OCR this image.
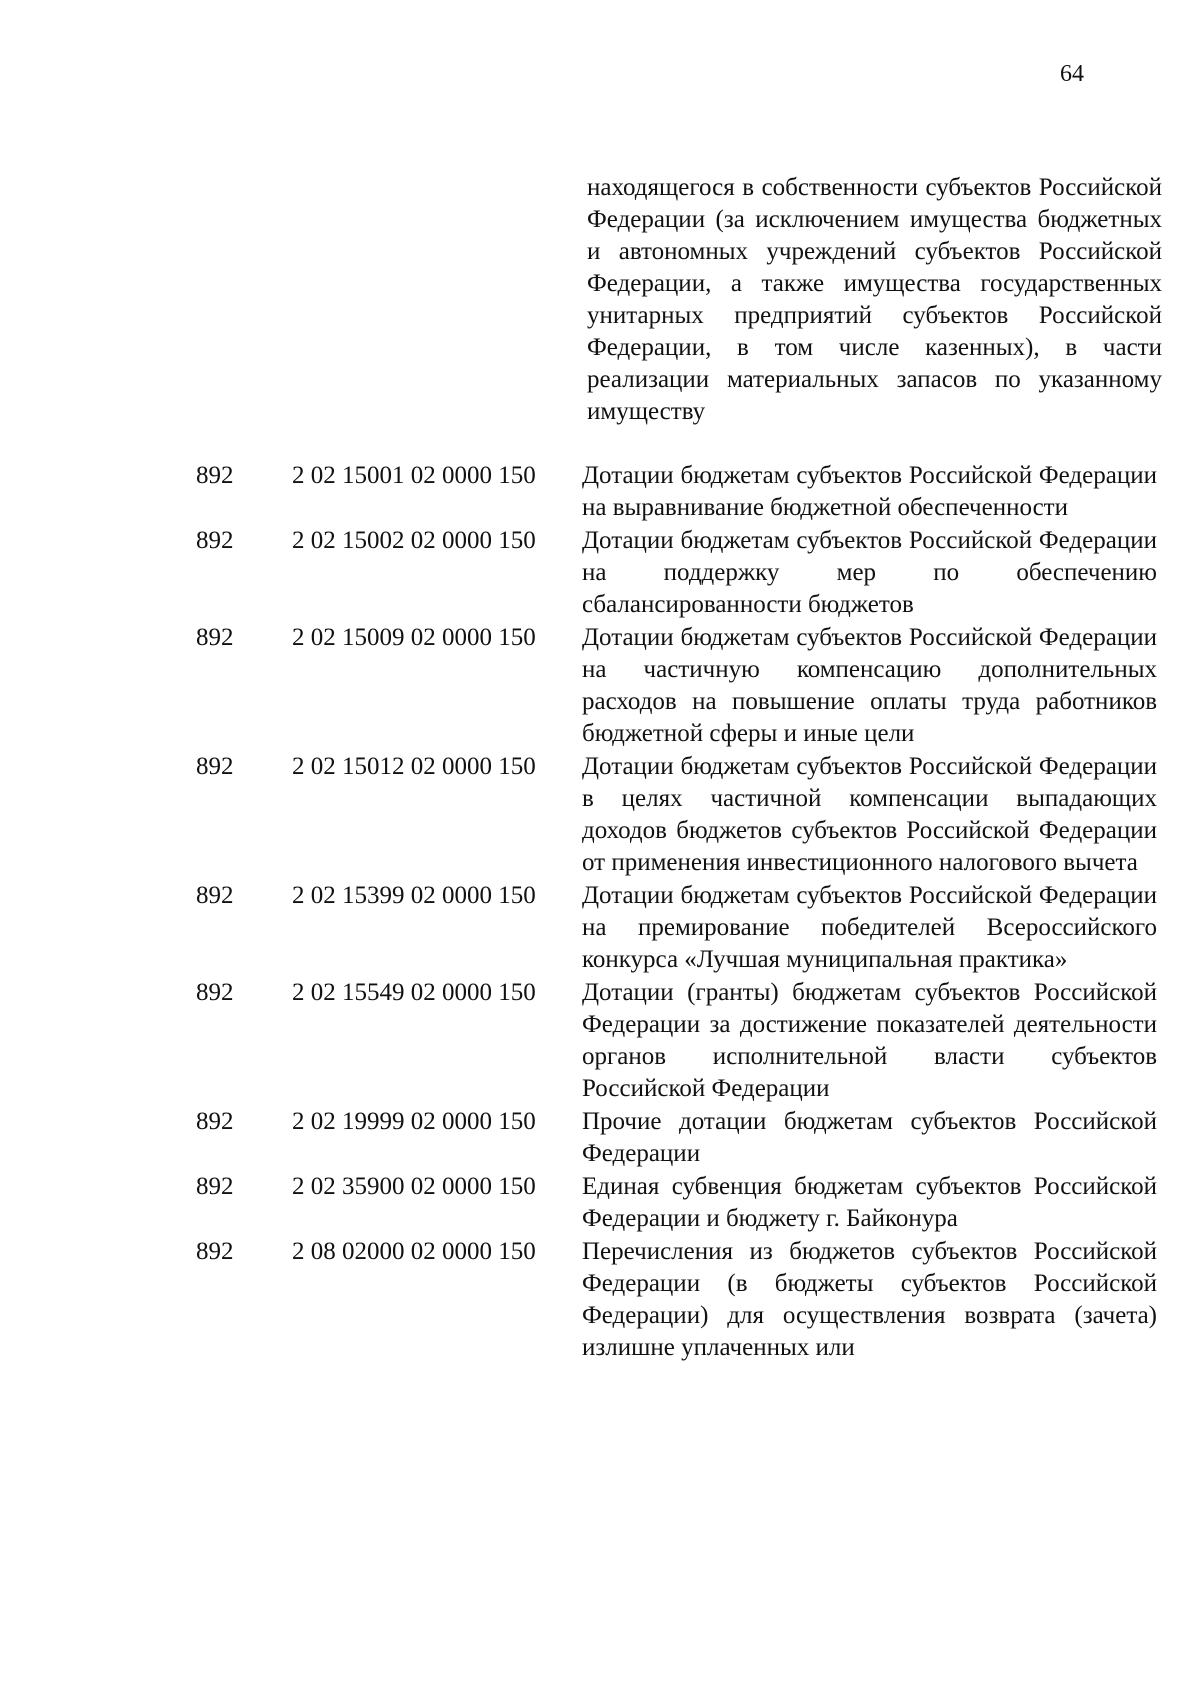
64
находящегося в собственности субъектов Российской Федерации (за исключением имущества бюджетных и автономных учреждений субъектов Российской Федерации, а также имущества государственных унитарных предприятий субъектов Российской Федерации, в том числе казенных), в части реализации материальных запасов по указанному имуществу
892	2 02 15001 02 0000 150	Дотации бюджетам субъектов Российской Федерации на выравнивание бюджетной обеспеченности
892	2 02 15002 02 0000 150	Дотации бюджетам субъектов Российской Федерации на поддержку мер по обеспечению сбалансированности бюджетов
892	2 02 15009 02 0000 150	Дотации бюджетам субъектов Российской Федерации на частичную компенсацию дополнительных расходов на повышение оплаты труда работников бюджетной сферы и иные цели
892	2 02 15012 02 0000 150	Дотации бюджетам субъектов Российской Федерации в целях частичной компенсации выпадающих доходов бюджетов субъектов Российской Федерации от применения инвестиционного налогового вычета
892	2 02 15399 02 0000 150	Дотации бюджетам субъектов Российской Федерации на премирование победителей Всероссийского конкурса «Лучшая муниципальная практика»
892	2 02 15549 02 0000 150	Дотации (гранты) бюджетам субъектов Российской Федерации за достижение показателей деятельности органов исполнительной власти субъектов Российской Федерации
892	2 02 19999 02 0000 150	Прочие дотации бюджетам субъектов Российской Федерации
892	2 02 35900 02 0000 150	Единая субвенция бюджетам субъектов Российской Федерации и бюджету г. Байконура
892	2 08 02000 02 0000 150	Перечисления из бюджетов субъектов Российской Федерации (в бюджеты субъектов Российской Федерации) для осуществления возврата (зачета) излишне уплаченных или
